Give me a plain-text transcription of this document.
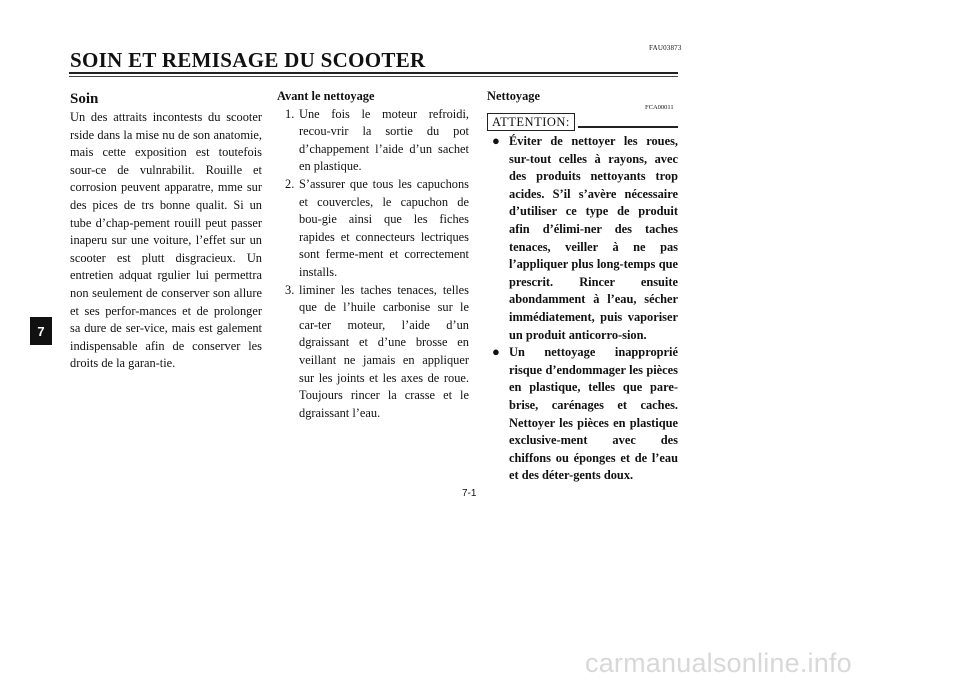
FAU03873
SOIN ET REMISAGE DU SCOOTER
7
Soin

Un des attraits incontests du scooter rside dans la mise nu de son anatomie, mais cette exposition est toutefois sour-ce de vulnrabilit. Rouille et corrosion peuvent apparatre, mme sur des pices de trs bonne qualit. Si un tube d’chap-pement rouill peut passer inaperu sur une voiture, l’effet sur un scooter est plutt disgracieux. Un entretien adquat rgulier lui permettra non seulement de conserver son allure et ses perfor-mances et de prolonger sa dure de ser-vice, mais est galement indispensable afin de conserver les droits de la garan-tie.

Avant le nettoyage
1. Une fois le moteur refroidi, recou-vrir la sortie du pot d’chappement l’aide d’un sachet en plastique.
2. S’assurer que tous les capuchons et couvercles, le capuchon de bou-gie ainsi que les fiches rapides et connecteurs lectriques sont ferme-ment et correctement installs.
3. liminer les taches tenaces, telles que de l’huile carbonise sur le car-ter moteur, l’aide d’un dgraissant et d’une brosse en veillant ne jamais en appliquer sur les joints et les axes de roue. Toujours rincer la crasse et le dgraissant l’eau.
Nettoyage
FCA00011
ATTENTION:
● Éviter de nettoyer les roues, sur-tout celles à rayons, avec des produits nettoyants trop acides. S’il s’avère nécessaire d’utiliser ce type de produit afin d’élimi-ner des taches tenaces, veiller à ne pas l’appliquer plus long-temps que prescrit. Rincer ensuite abondamment à l’eau, sécher immédiatement, puis vaporiser un produit anticorro-sion.
● Un nettoyage inapproprié risque d’endommager les pièces en plastique, telles que pare-brise, carénages et caches. Nettoyer les pièces en plastique exclusive-ment avec des chiffons ou éponges et de l’eau et des déter-gents doux.
7-1
carmanualsonline.info
